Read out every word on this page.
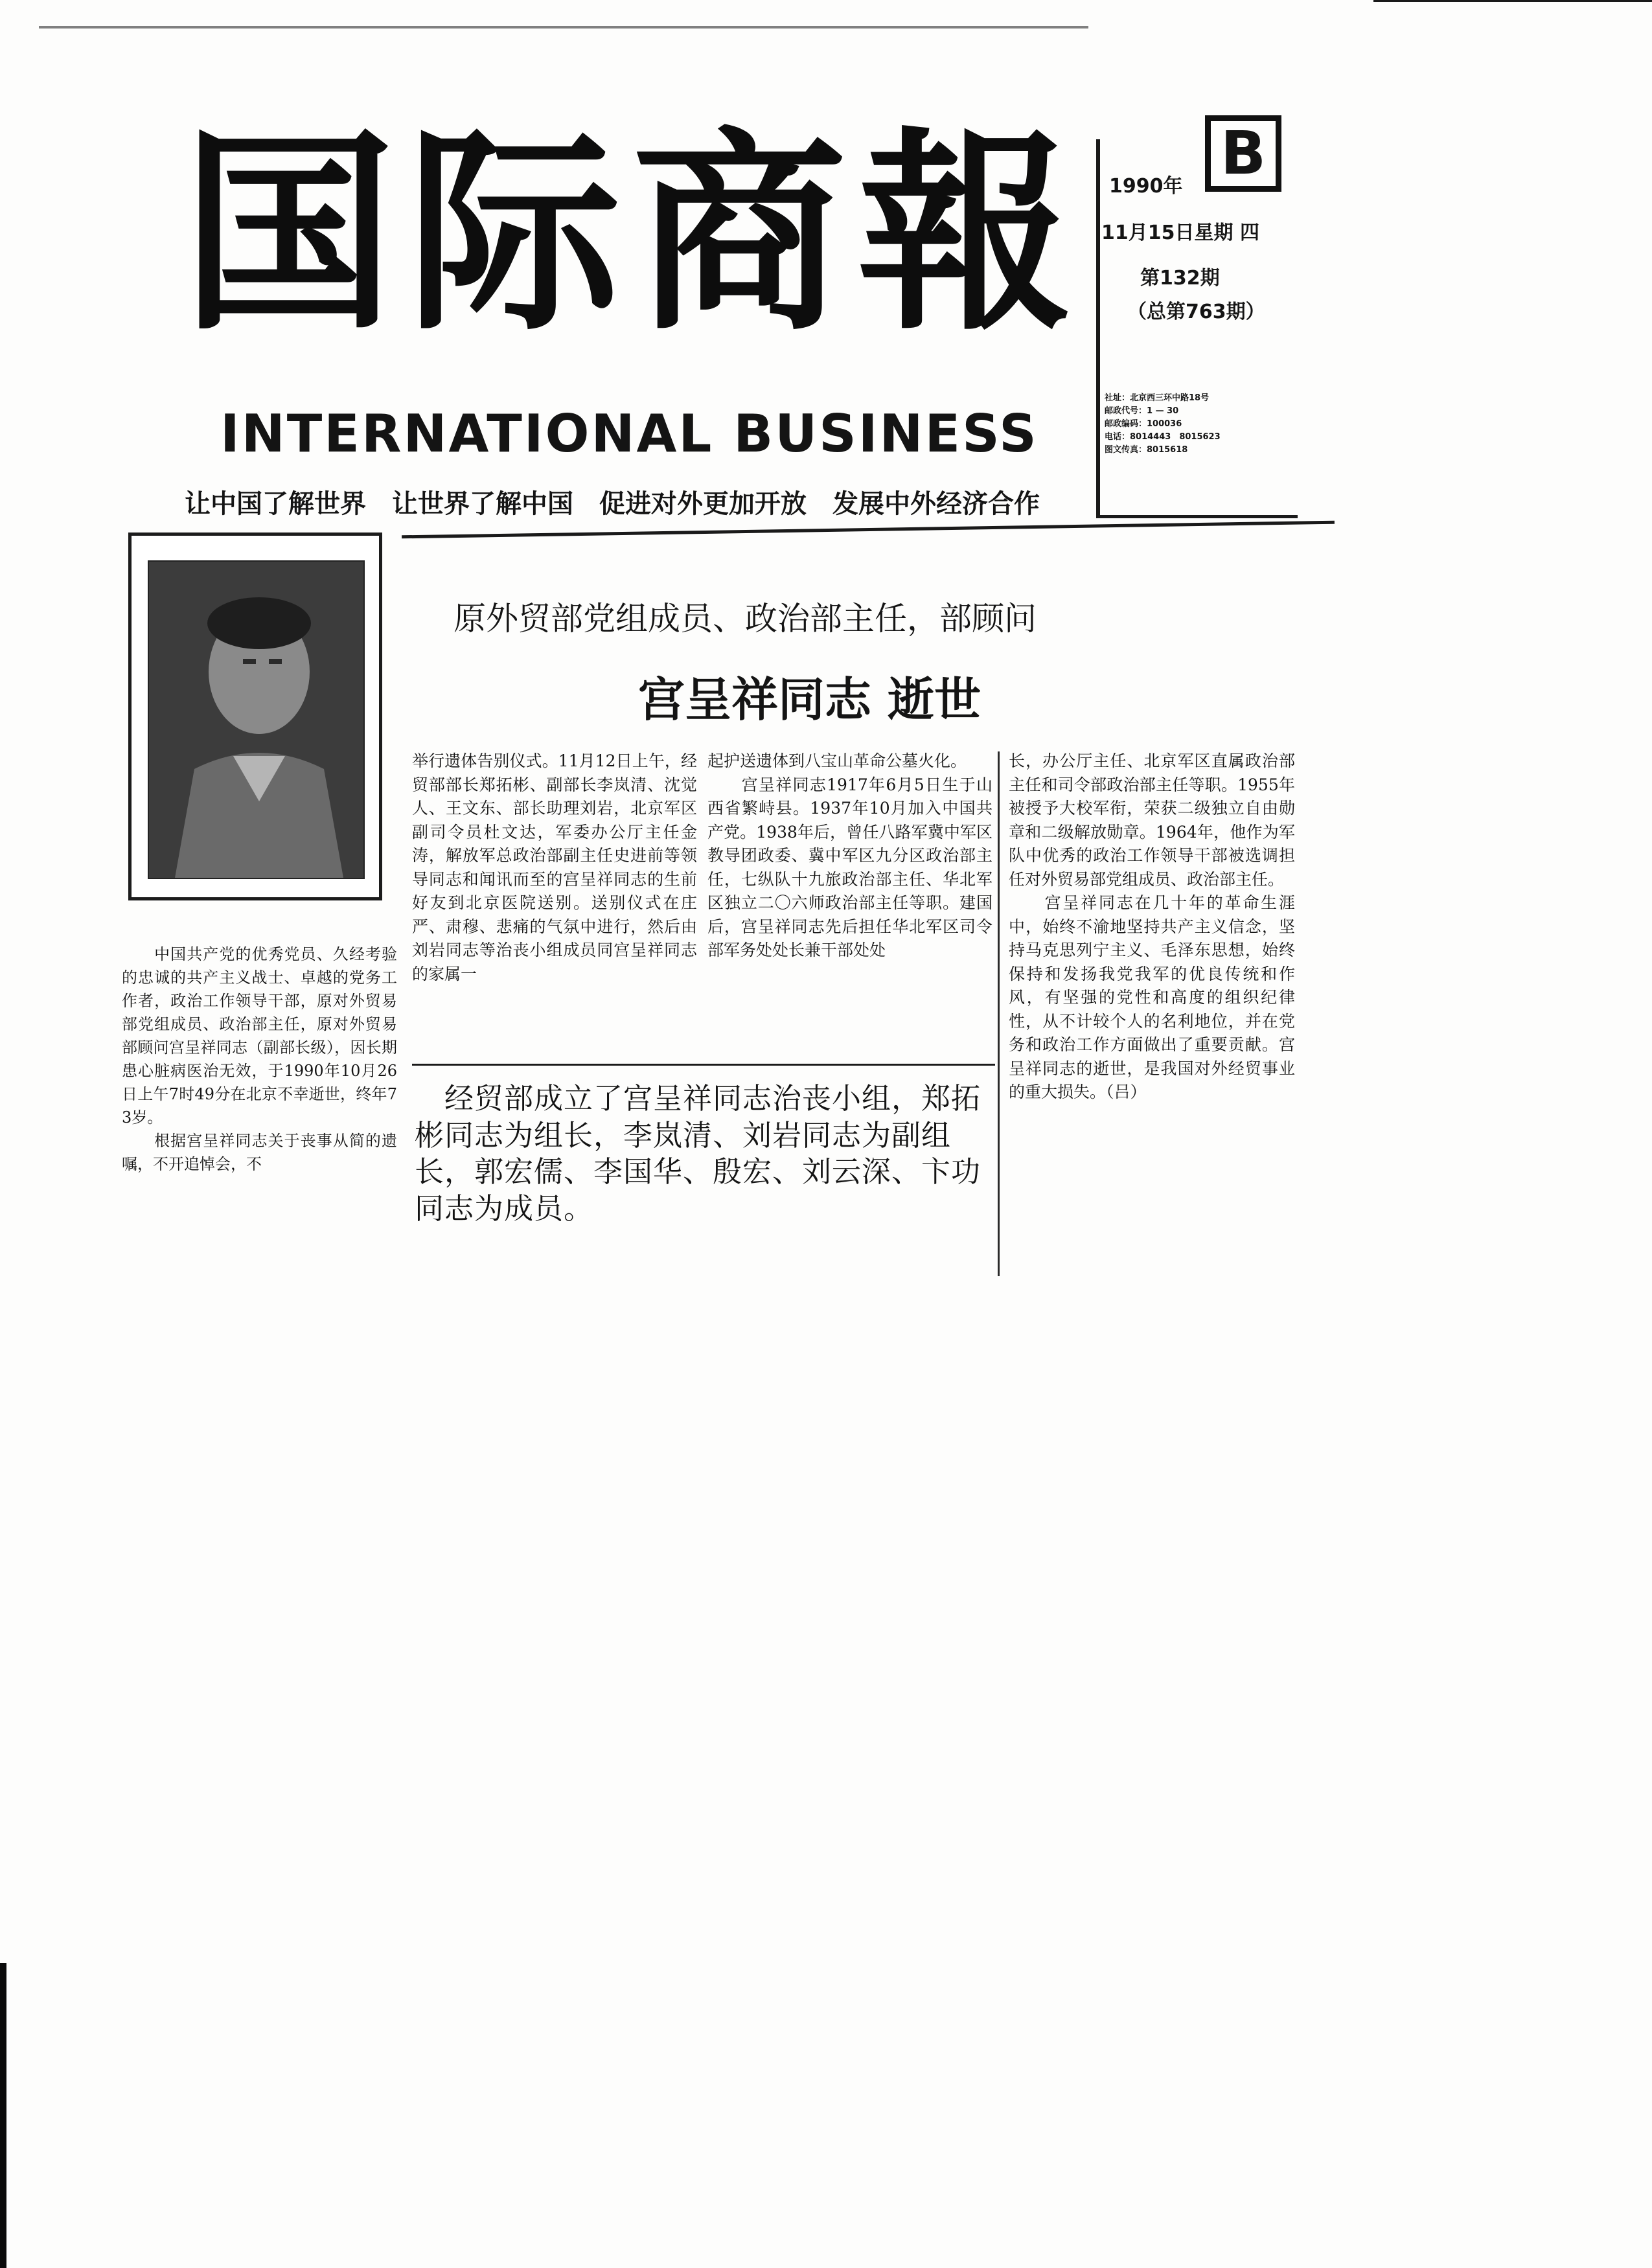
国际商報
INTERNATIONAL BUSINESS
让中国了解世界　让世界了解中国　促进对外更加开放　发展中外经济合作
B
1990年
11月15日星期 四
第132期
（总第763期）
社址：北京西三环中路18号
邮政代号：1 — 30
邮政编码：100036
电话：8014443　8015623
图文传真：8015618
原外贸部党组成员、政治部主任，部顾问
宫呈祥同志 逝世
　　中国共产党的优秀党员、久经考验的忠诚的共产主义战士、卓越的党务工作者，政治工作领导干部，原对外贸易部党组成员、政治部主任，原对外贸易部顾问宫呈祥同志（副部长级），因长期患心脏病医治无效，于1990年10月26日上午7时49分在北京不幸逝世，终年73岁。
　　根据宫呈祥同志关于丧事从简的遗嘱，不开追悼会，不
举行遗体告别仪式。11月12日上午，经贸部部长郑拓彬、副部长李岚清、沈觉人、王文东、部长助理刘岩，北京军区副司令员杜文达，军委办公厅主任金涛，解放军总政治部副主任史进前等领导同志和闻讯而至的宫呈祥同志的生前好友到北京医院送别。送别仪式在庄严、肃穆、悲痛的气氛中进行，然后由刘岩同志等治丧小组成员同宫呈祥同志的家属一
起护送遗体到八宝山革命公墓火化。
　　宫呈祥同志1917年6月5日生于山西省繁峙县。1937年10月加入中国共产党。1938年后，曾任八路军冀中军区教导团政委、冀中军区九分区政治部主任，七纵队十九旅政治部主任、华北军区独立二〇六师政治部主任等职。建国后，宫呈祥同志先后担任华北军区司令部军务处处长兼干部处处
长，办公厅主任、北京军区直属政治部主任和司令部政治部主任等职。1955年被授予大校军衔，荣获二级独立自由勋章和二级解放勋章。1964年，他作为军队中优秀的政治工作领导干部被选调担任对外贸易部党组成员、政治部主任。
　　宫呈祥同志在几十年的革命生涯中，始终不渝地坚持共产主义信念，坚持马克思列宁主义、毛泽东思想，始终保持和发扬我党我军的优良传统和作风，有坚强的党性和高度的组织纪律性，从不计较个人的名利地位，并在党务和政治工作方面做出了重要贡献。宫呈祥同志的逝世，是我国对外经贸事业的重大损失。（吕）
　经贸部成立了宫呈祥同志治丧小组，郑拓彬同志为组长，李岚清、刘岩同志为副组长，郭宏儒、李国华、殷宏、刘云深、卞功同志为成员。
